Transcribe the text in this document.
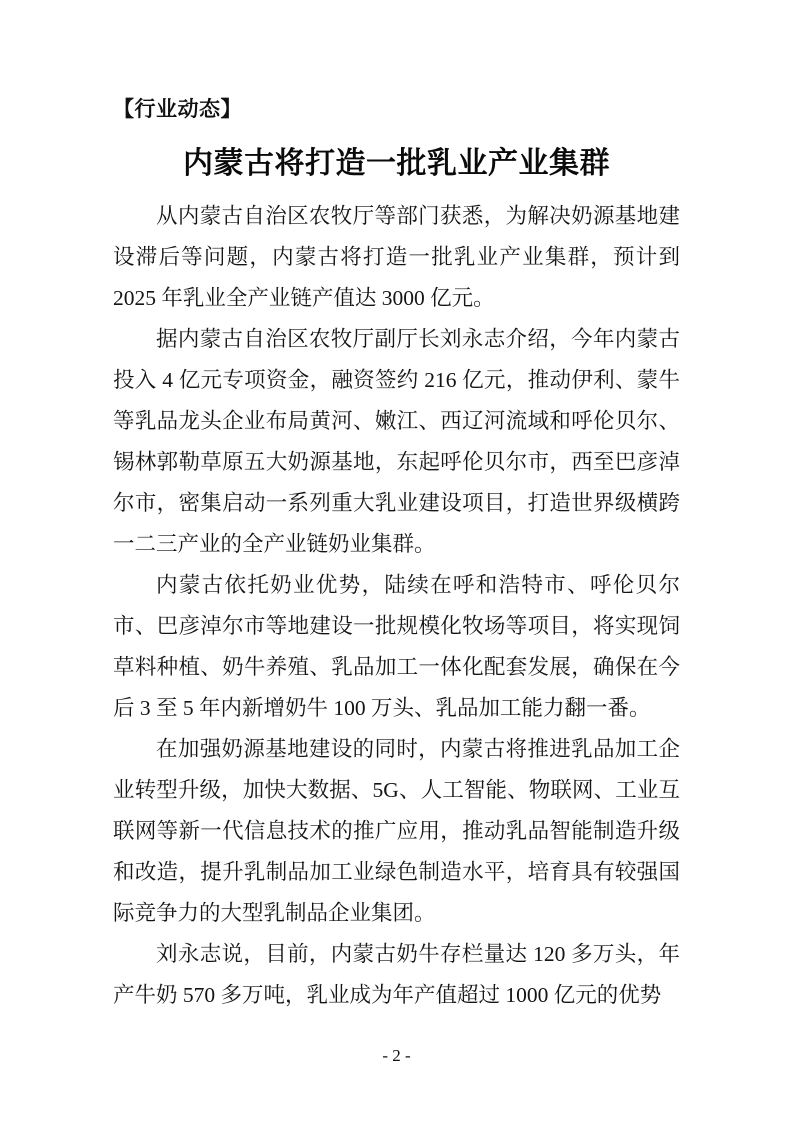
【行业动态】
内蒙古将打造一批乳业产业集群

从内蒙古自治区农牧厅等部门获悉，为解决奶源基地建设滞后等问题，内蒙古将打造一批乳业产业集群，预计到 2025 年乳业全产业链产值达 3000 亿元。

据内蒙古自治区农牧厅副厅长刘永志介绍，今年内蒙古投入 4 亿元专项资金，融资签约 216 亿元，推动伊利、蒙牛等乳品龙头企业布局黄河、嫩江、西辽河流域和呼伦贝尔、锡林郭勒草原五大奶源基地，东起呼伦贝尔市，西至巴彦淖尔市，密集启动一系列重大乳业建设项目，打造世界级横跨一二三产业的全产业链奶业集群。

内蒙古依托奶业优势，陆续在呼和浩特市、呼伦贝尔市、巴彦淖尔市等地建设一批规模化牧场等项目，将实现饲草料种植、奶牛养殖、乳品加工一体化配套发展，确保在今后 3 至 5 年内新增奶牛 100 万头、乳品加工能力翻一番。

在加强奶源基地建设的同时，内蒙古将推进乳品加工企业转型升级，加快大数据、5G、人工智能、物联网、工业互联网等新一代信息技术的推广应用，推动乳品智能制造升级和改造，提升乳制品加工业绿色制造水平，培育具有较强国际竞争力的大型乳制品企业集团。

刘永志说，目前，内蒙古奶牛存栏量达 120 多万头，年产牛奶 570 多万吨，乳业成为年产值超过 1000 亿元的优势

- 2 -
